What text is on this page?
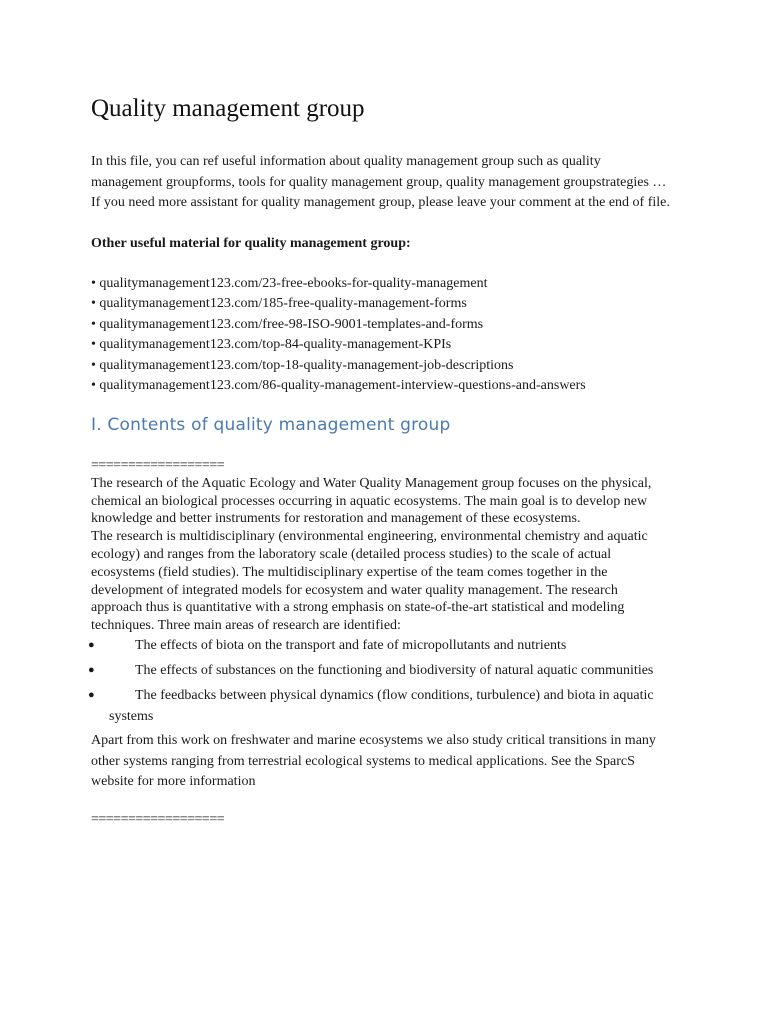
Quality management group

In this file, you can ref useful information about quality management group such as quality management groupforms, tools for quality management group, quality management groupstrategies … If you need more assistant for quality management group, please leave your comment at the end of file.

Other useful material for quality management group:

• qualitymanagement123.com/23-free-ebooks-for-quality-management
• qualitymanagement123.com/185-free-quality-management-forms
• qualitymanagement123.com/free-98-ISO-9001-templates-and-forms
• qualitymanagement123.com/top-84-quality-management-KPIs
• qualitymanagement123.com/top-18-quality-management-job-descriptions
• qualitymanagement123.com/86-quality-management-interview-questions-and-answers
I. Contents of quality management group
==================

The research of the Aquatic Ecology and Water Quality Management group focuses on the physical, chemical an biological processes occurring in aquatic ecosystems. The main goal is to develop new knowledge and better instruments for restoration and management of these ecosystems.

The research is multidisciplinary (environmental engineering, environmental chemistry and aquatic ecology) and ranges from the laboratory scale (detailed process studies) to the scale of actual ecosystems (field studies). The multidisciplinary expertise of the team comes together in the development of integrated models for ecosystem and water quality management. The research approach thus is quantitative with a strong emphasis on state-of-the-art statistical and modeling techniques. Three main areas of research are identified:

●	The effects of biota on the transport and fate of micropollutants and nutrients
●	The effects of substances on the functioning and biodiversity of natural aquatic communities
●	The feedbacks between physical dynamics (flow conditions, turbulence) and biota in aquatic systems

Apart from this work on freshwater and marine ecosystems we also study critical transitions in many other systems ranging from terrestrial ecological systems to medical applications. See the SparcS website for more information

==================
